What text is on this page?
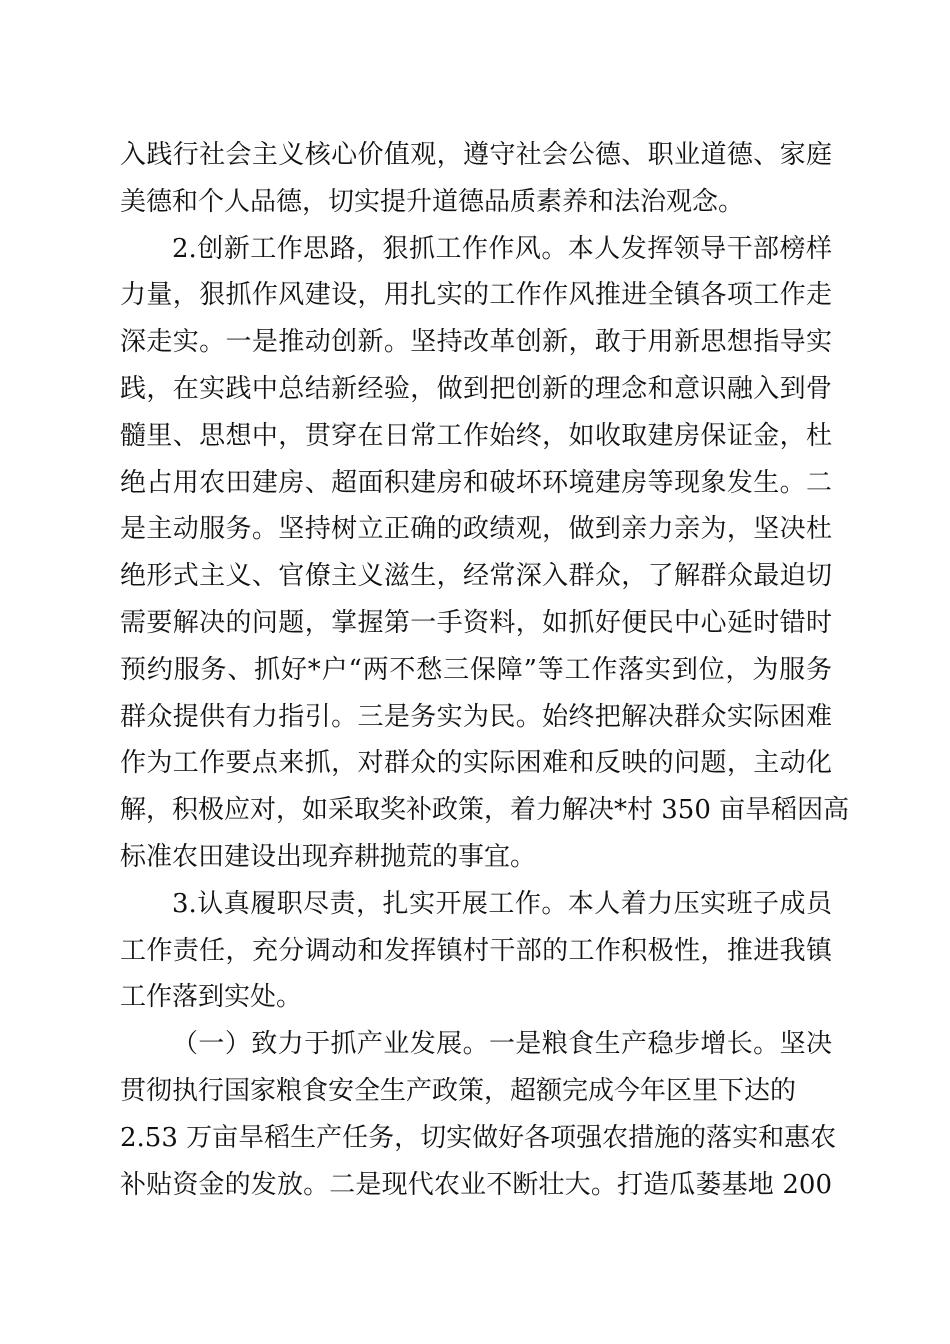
入践行社会主义核心价值观，遵守社会公德、职业道德、家庭
美德和个人品德，切实提升道德品质素养和法治观念。
2.创新工作思路，狠抓工作作风。本人发挥领导干部榜样
力量，狠抓作风建设，用扎实的工作作风推进全镇各项工作走
深走实。一是推动创新。坚持改革创新，敢于用新思想指导实
践，在实践中总结新经验，做到把创新的理念和意识融入到骨
髓里、思想中，贯穿在日常工作始终，如收取建房保证金，杜
绝占用农田建房、超面积建房和破坏环境建房等现象发生。二
是主动服务。坚持树立正确的政绩观，做到亲力亲为，坚决杜
绝形式主义、官僚主义滋生，经常深入群众，了解群众最迫切
需要解决的问题，掌握第一手资料，如抓好便民中心延时错时
预约服务、抓好*户“两不愁三保障”等工作落实到位，为服务
群众提供有力指引。三是务实为民。始终把解决群众实际困难
作为工作要点来抓，对群众的实际困难和反映的问题，主动化
解，积极应对，如采取奖补政策，着力解决*村 350 亩旱稻因高
标准农田建设出现弃耕抛荒的事宜。
3.认真履职尽责，扎实开展工作。本人着力压实班子成员
工作责任，充分调动和发挥镇村干部的工作积极性，推进我镇
工作落到实处。
（一）致力于抓产业发展。一是粮食生产稳步增长。坚决
贯彻执行国家粮食安全生产政策，超额完成今年区里下达的
2.53 万亩旱稻生产任务，切实做好各项强农措施的落实和惠农
补贴资金的发放。二是现代农业不断壮大。打造瓜蒌基地 200
